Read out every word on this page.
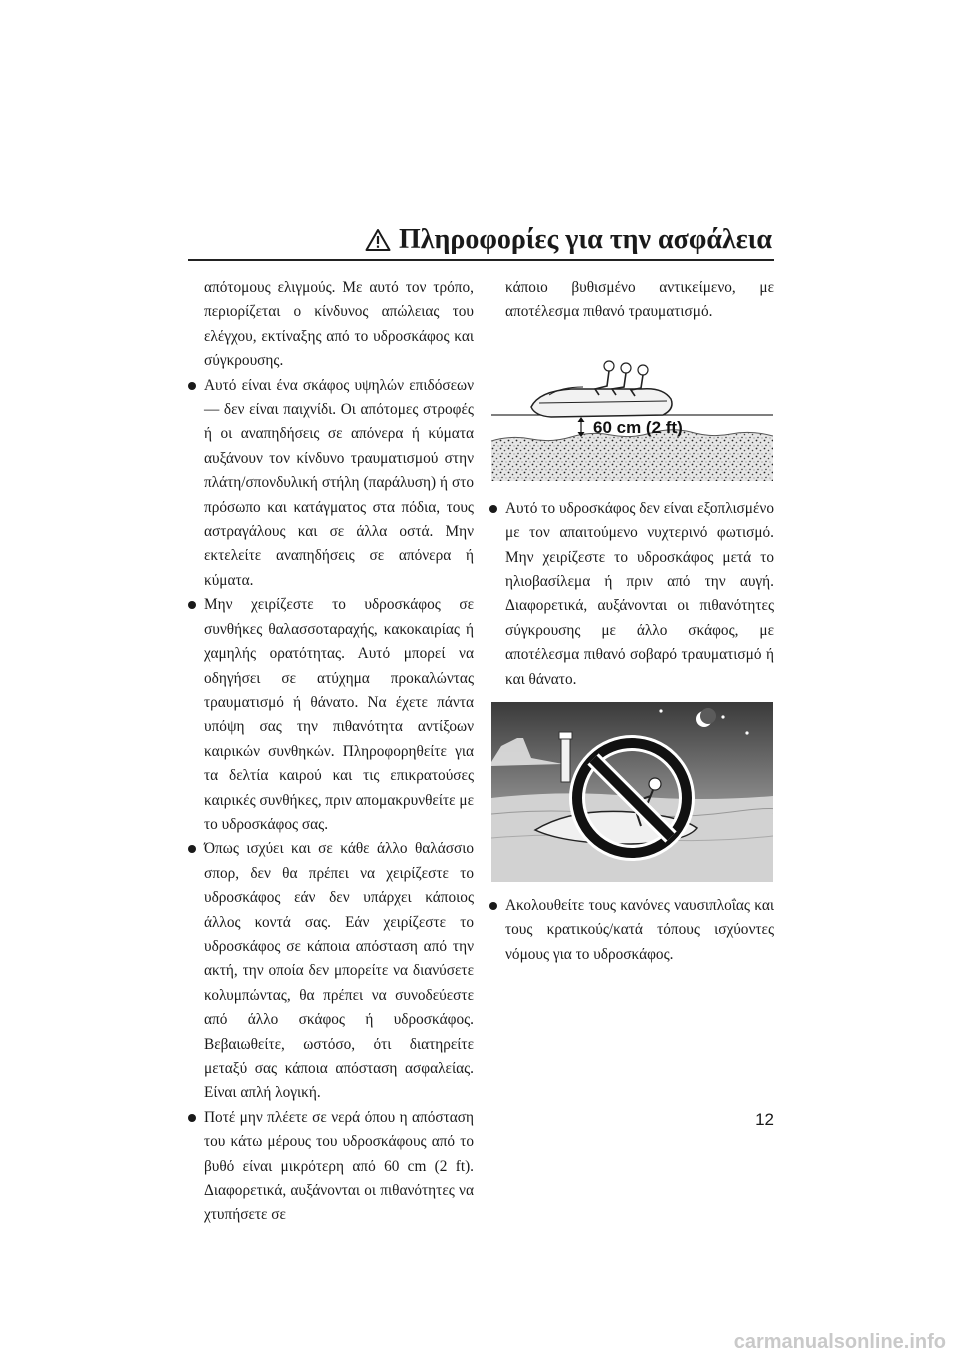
Πληροφορίες για την ασφάλεια

απότομους ελιγμούς. Με αυτό τον τρόπο, περιορίζεται ο κίνδυνος απώλειας του ελέγχου, εκτίναξης από το υδροσκάφος και σύγκρουσης.

Αυτό είναι ένα σκάφος υψηλών επιδόσεων— δεν είναι παιχνίδι. Οι απότομες στροφές ή οι αναπηδήσεις σε απόνερα ή κύματα αυξάνουν τον κίνδυνο τραυματισμού στην πλάτη/σπονδυλική στήλη (παράλυση) ή στο πρόσωπο και κατάγματος στα πόδια, τους αστραγάλους και σε άλλα οστά. Μην εκτελείτε αναπηδήσεις σε απόνερα ή κύματα.

Μην χειρίζεστε το υδροσκάφος σε συνθήκες θαλασσοταραχής, κακοκαιρίας ή χαμηλής ορατότητας. Αυτό μπορεί να οδηγήσει σε ατύχημα προκαλώντας τραυματισμό ή θάνατο. Να έχετε πάντα υπόψη σας την πιθανότητα αντίξοων καιρικών συνθηκών. Πληροφορηθείτε για τα δελτία καιρού και τις επικρατούσες καιρικές συνθήκες, πριν απομακρυνθείτε με το υδροσκάφος σας.

Όπως ισχύει και σε κάθε άλλο θαλάσσιο σπορ, δεν θα πρέπει να χειρίζεστε το υδροσκάφος εάν δεν υπάρχει κάποιος άλλος κοντά σας. Εάν χειρίζεστε το υδροσκάφος σε κάποια απόσταση από την ακτή, την οποία δεν μπορείτε να διανύσετε κολυμπώντας, θα πρέπει να συνοδεύεστε από άλλο σκάφος ή υδροσκάφος. Βεβαιωθείτε, ωστόσο, ότι διατηρείτε μεταξύ σας κάποια απόσταση ασφαλείας. Είναι απλή λογική.

Ποτέ μην πλέετε σε νερά όπου η απόσταση του κάτω μέρους του υδροσκάφους από το βυθό είναι μικρότερη από 60 cm (2 ft). Διαφορετικά, αυξάνονται οι πιθανότητες να χτυπήσετε σε

κάποιο βυθισμένο αντικείμενο, με αποτέλεσμα πιθανό τραυματισμό.

60 cm (2 ft)

Αυτό το υδροσκάφος δεν είναι εξοπλισμένο με τον απαιτούμενο νυχτερινό φωτισμό. Μην χειρίζεστε το υδροσκάφος μετά το ηλιοβασίλεμα ή πριν από την αυγή. Διαφορετικά, αυξάνονται οι πιθανότητες σύγκρουσης με άλλο σκάφος, με αποτέλεσμα πιθανό σοβαρό τραυματισμό ή και θάνατο.

Ακολουθείτε τους κανόνες ναυσιπλοΐας και τους κρατικούς/κατά τόπους ισχύοντες νόμους για το υδροσκάφος.

12
carmanualsonline.info
